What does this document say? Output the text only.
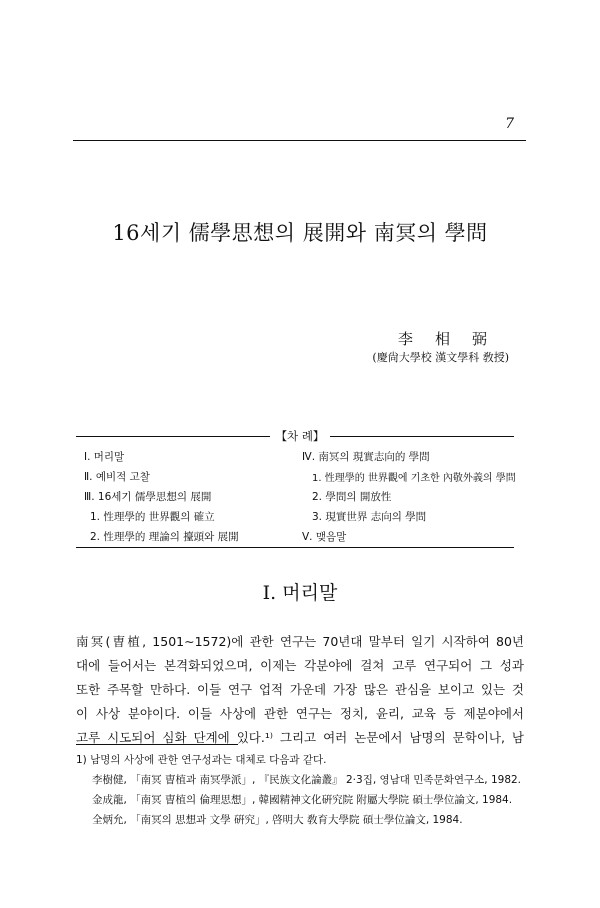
7
16세기 儒學思想의 展開와 南冥의 學問
李相弼
(慶尙大學校 漢文學科 敎授)
Ⅰ. 머리말
Ⅱ. 예비적 고찰
Ⅲ. 16세기 儒學思想의 展開
1. 性理學的 世界觀의 確立
2. 性理學的 理論의 擡頭와 展開
Ⅳ. 南冥의 現實志向的 學問
1. 性理學的 世界觀에 기초한 內敬外義의 學問
2. 學問의 開放性
3. 現實世界 志向의 學問
Ⅴ. 맺음말
【차 례】
Ⅰ. 머리말
南冥(曺植, 1501∼1572)에 관한 연구는 70년대 말부터 일기 시작하여 80년
대에 들어서는 본격화되었으며, 이제는 각분야에 걸쳐 고루 연구되어 그 성과
또한 주목할 만하다. 이들 연구 업적 가운데 가장 많은 관심을 보이고 있는 것
이 사상 분야이다. 이들 사상에 관한 연구는 정치, 윤리, 교육 등 제분야에서
고루 시도되어 심화 단계에 있다.¹⁾ 그리고 여러 논문에서 남명의 문학이나, 남
1) 남명의 사상에 관한 연구성과는 대체로 다음과 같다.
李樹健, 「南冥 曺植과 南冥學派」, 『民族文化論叢』 2·3집, 영남대 민족문화연구소, 1982.
金成龍, 「南冥 曺植의 倫理思想」, 韓國精神文化硏究院 附屬大學院 碩士學位論文, 1984.
全炳允, 「南冥의 思想과 文學 硏究」, 啓明大 敎育大學院 碩士學位論文, 1984.
